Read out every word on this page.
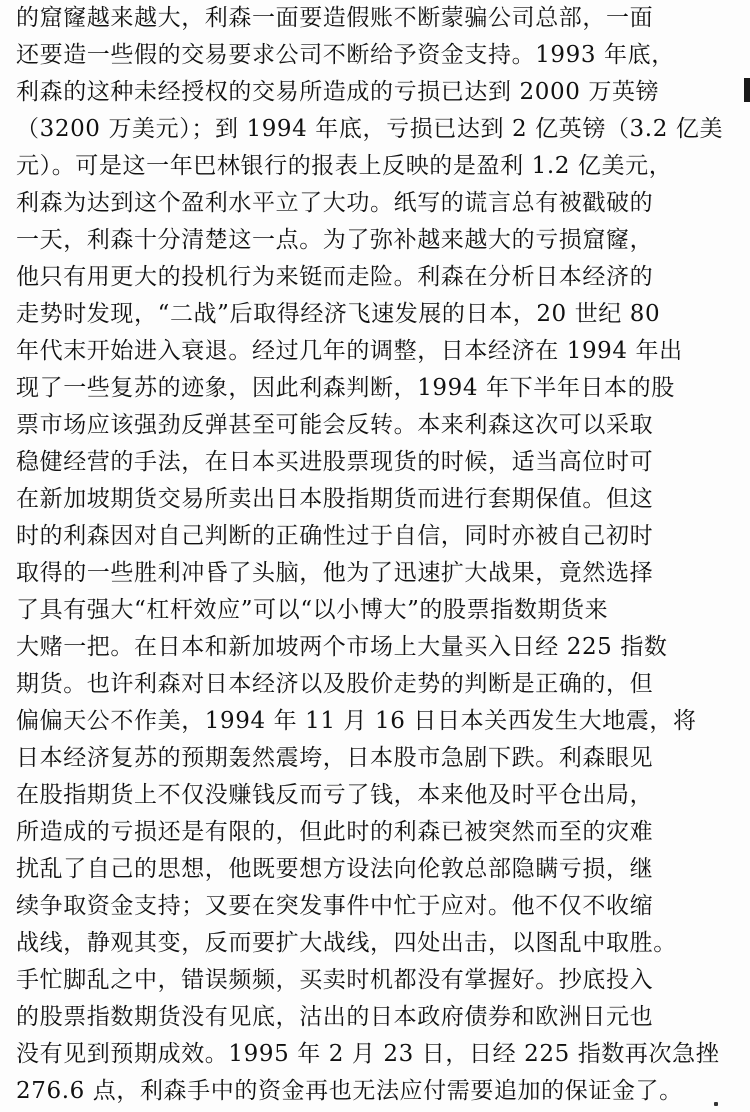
的窟窿越来越大，利森一面要造假账不断蒙骗公司总部，一面
还要造一些假的交易要求公司不断给予资金支持。1993 年底，
利森的这种未经授权的交易所造成的亏损已达到 2000 万英镑
（3200 万美元）；到 1994 年底，亏损已达到 2 亿英镑（3.2 亿美
元）。可是这一年巴林银行的报表上反映的是盈利 1.2 亿美元，
利森为达到这个盈利水平立了大功。纸写的谎言总有被戳破的
一天，利森十分清楚这一点。为了弥补越来越大的亏损窟窿，
他只有用更大的投机行为来铤而走险。利森在分析日本经济的
走势时发现，“二战”后取得经济飞速发展的日本，20 世纪 80
年代末开始进入衰退。经过几年的调整，日本经济在 1994 年出
现了一些复苏的迹象，因此利森判断，1994 年下半年日本的股
票市场应该强劲反弹甚至可能会反转。本来利森这次可以采取
稳健经营的手法，在日本买进股票现货的时候，适当高位时可
在新加坡期货交易所卖出日本股指期货而进行套期保值。但这
时的利森因对自己判断的正确性过于自信，同时亦被自己初时
取得的一些胜利冲昏了头脑，他为了迅速扩大战果，竟然选择
了具有强大“杠杆效应”可以“以小博大”的股票指数期货来
大赌一把。在日本和新加坡两个市场上大量买入日经 225 指数
期货。也许利森对日本经济以及股价走势的判断是正确的，但
偏偏天公不作美，1994 年 11 月 16 日日本关西发生大地震，将
日本经济复苏的预期轰然震垮，日本股市急剧下跌。利森眼见
在股指期货上不仅没赚钱反而亏了钱，本来他及时平仓出局，
所造成的亏损还是有限的，但此时的利森已被突然而至的灾难
扰乱了自己的思想，他既要想方设法向伦敦总部隐瞒亏损，继
续争取资金支持；又要在突发事件中忙于应对。他不仅不收缩
战线，静观其变，反而要扩大战线，四处出击，以图乱中取胜。
手忙脚乱之中，错误频频，买卖时机都没有掌握好。抄底投入
的股票指数期货没有见底，沽出的日本政府债券和欧洲日元也
没有见到预期成效。1995 年 2 月 23 日，日经 225 指数再次急挫
276.6 点，利森手中的资金再也无法应付需要追加的保证金了。
